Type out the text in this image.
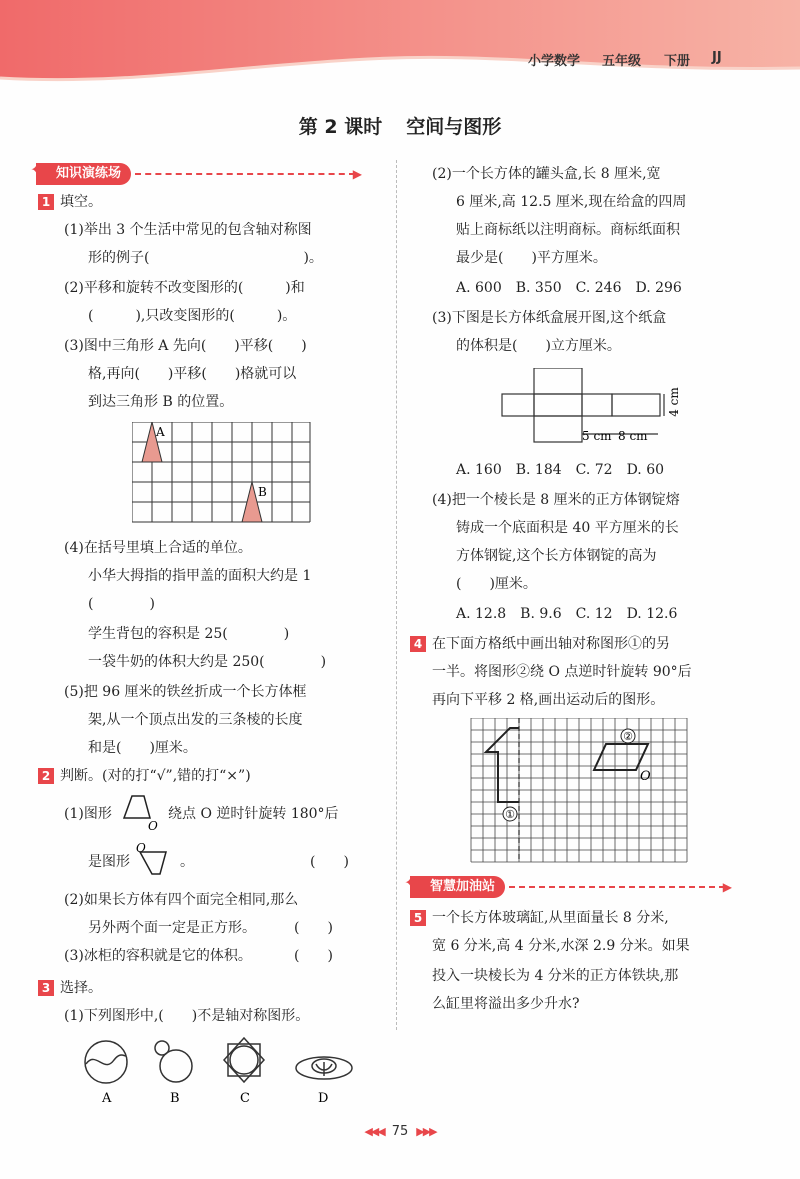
小学数学 五年级 下册 JJ
第 2 课时 空间与图形
✦ 知识演练场	▶
1 填空。
(1)举出 3 个生活中常见的包含轴对称图
形的例子(　　　　　　　　　　　)。
(2)平移和旋转不改变图形的(　　　)和
(　　　),只改变图形的(　　　)。
(3)图中三角形 A 先向(　　)平移(　　)
格,再向(　　)平移(　　)格就可以
到达三角形 B 的位置。
A
B
(4)在括号里填上合适的单位。
小华大拇指的指甲盖的面积大约是 1
(　　　　)
学生背包的容积是 25(　　　　)
一袋牛奶的体积大约是 250(　　　　)
(5)把 96 厘米的铁丝折成一个长方体框
架,从一个顶点出发的三条棱的长度
和是(　　)厘米。
2 判断。(对的打“√”,错的打“×”)
(1)图形
O
绕点 O 逆时针旋转 180°后
是图形
O
。	(　　)
(2)如果长方体有四个面完全相同,那么
另外两个面一定是正方形。	(　　)
(3)冰柜的容积就是它的体积。	(　　)
3 选择。
(1)下列图形中,(　　)不是轴对称图形。
A	B	C	D
(2)一个长方体的罐头盒,长 8 厘米,宽
6 厘米,高 12.5 厘米,现在给盒的四周
贴上商标纸以注明商标。商标纸面积
最少是(　　)平方厘米。
A. 600　B. 350　C. 246　D. 296
(3)下图是长方体纸盒展开图,这个纸盒
的体积是(　　)立方厘米。
5 cm 8 cm
4 cm
A. 160　B. 184　C. 72　D. 60
(4)把一个棱长是 8 厘米的正方体钢锭熔
铸成一个底面积是 40 平方厘米的长
方体钢锭,这个长方体钢锭的高为
(　　)厘米。
A. 12.8　B. 9.6　C. 12　D. 12.6
4 在下面方格纸中画出轴对称图形①的另
一半。将图形②绕 O 点逆时针旋转 90°后
再向下平移 2 格,画出运动后的图形。
①
②
O
✦ 智慧加油站	▶
5 一个长方体玻璃缸,从里面量长 8 分米,
宽 6 分米,高 4 分米,水深 2.9 分米。如果
投入一块棱长为 4 分米的正方体铁块,那
么缸里将溢出多少升水?
◀◀◀ 75 ▶▶▶
